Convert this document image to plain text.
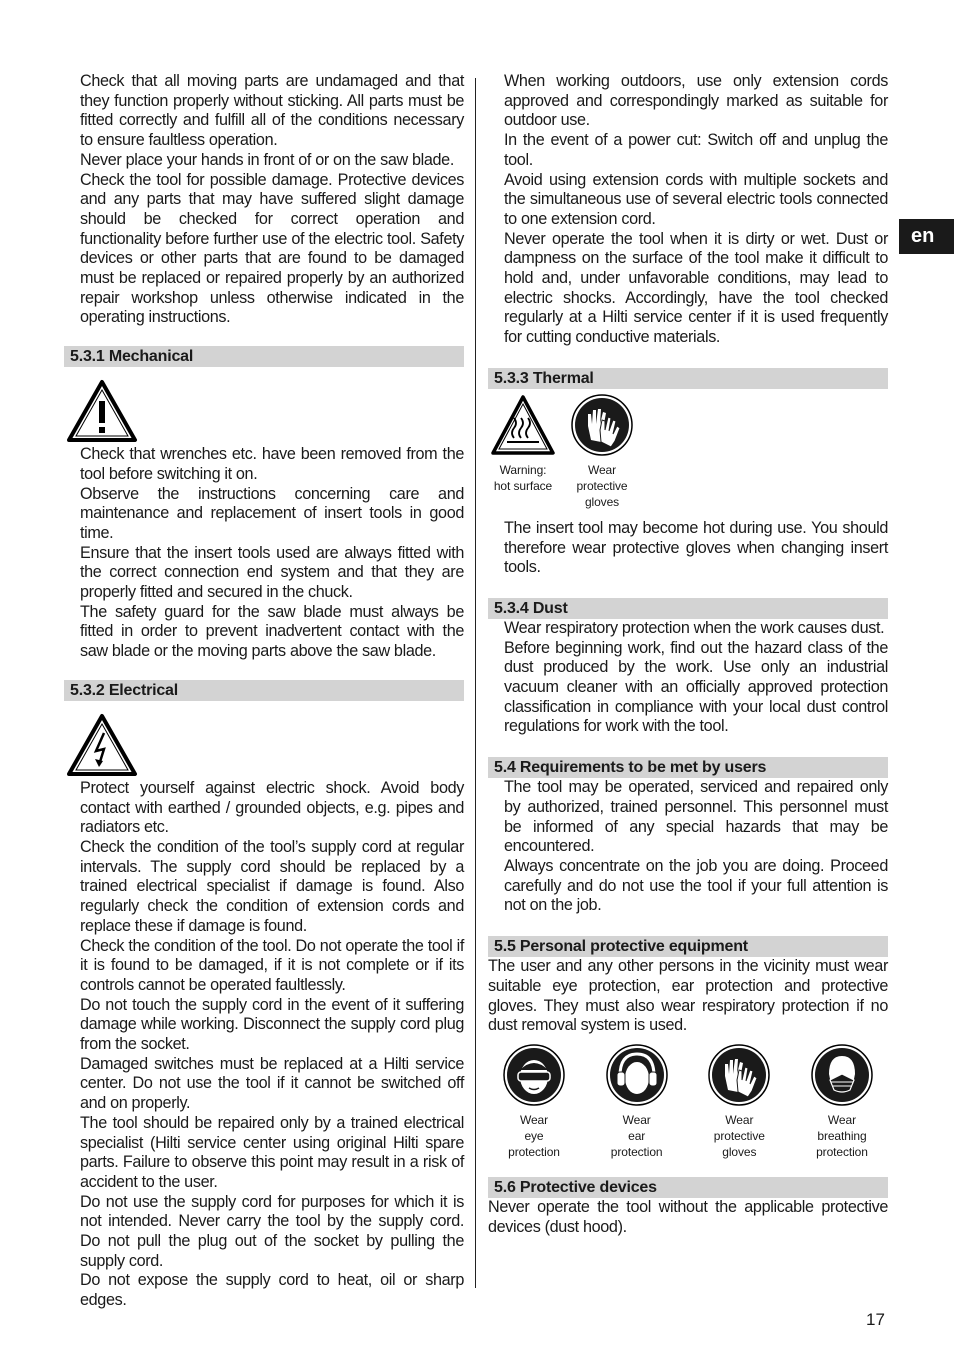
en
17

Check that all moving parts are undamaged and that they function properly without sticking. All parts must be fitted correctly and fulfill all of the conditions necessary to ensure faultless operation.

Never place your hands in front of or on the saw blade.

Check the tool for possible damage. Protective devices and any parts that may have suffered slight damage should be checked for correct operation and functionality before further use of the electric tool. Safety devices or other parts that are found to be damaged must be replaced or repaired properly by an authorized repair workshop unless otherwise indicated in the operating instructions.

5.3.1 Mechanical

Check that wrenches etc. have been removed from the tool before switching it on.

Observe the instructions concerning care and maintenance and replacement of insert tools in good time.

Ensure that the insert tools used are always fitted with the correct connection end system and that they are properly fitted and secured in the chuck.

The safety guard for the saw blade must always be fitted in order to prevent inadvertent contact with the saw blade or the moving parts above the saw blade.

5.3.2 Electrical

Protect yourself against electric shock. Avoid body contact with earthed / grounded objects, e.g. pipes and radiators etc.

Check the condition of the tool’s supply cord at regular intervals. The supply cord should be replaced by a trained electrical specialist if damage is found. Also regularly check the condition of extension cords and replace these if damage is found.

Check the condition of the tool. Do not operate the tool if it is found to be damaged, if it is not complete or if its controls cannot be operated faultlessly.

Do not touch the supply cord in the event of it suffering damage while working. Disconnect the supply cord plug from the socket.

Damaged switches must be replaced at a Hilti service center. Do not use the tool if it cannot be switched off and on properly.

The tool should be repaired only by a trained electrical specialist (Hilti service center using original Hilti spare parts. Failure to observe this point may result in a risk of accident to the user.

Do not use the supply cord for purposes for which it is not intended. Never carry the tool by the supply cord. Do not pull the plug out of the socket by pulling the supply cord.

Do not expose the supply cord to heat, oil or sharp edges.

When working outdoors, use only extension cords approved and correspondingly marked as suitable for outdoor use.

In the event of a power cut: Switch off and unplug the tool.

Avoid using extension cords with multiple sockets and the simultaneous use of several electric tools connected to one extension cord.

Never operate the tool when it is dirty or wet. Dust or dampness on the surface of the tool make it difficult to hold and, under unfavorable conditions, may lead to electric shocks. Accordingly, have the tool checked regularly at a Hilti service center if it is used frequently for cutting conductive materials.

5.3.3 Thermal
Warning:
hot surface
Wear
protective
gloves

The insert tool may become hot during use. You should therefore wear protective gloves when changing insert tools.

5.3.4 Dust

Wear respiratory protection when the work causes dust.

Before beginning work, find out the hazard class of the dust produced by the work. Use only an industrial vacuum cleaner with an officially approved protection classification in compliance with your local dust control regulations for work with the tool.

5.4 Requirements to be met by users

The tool may be operated, serviced and repaired only by authorized, trained personnel. This personnel must be informed of any special hazards that may be encountered.

Always concentrate on the job you are doing. Proceed carefully and do not use the tool if your full attention is not on the job.

5.5 Personal protective equipment

The user and any other persons in the vicinity must wear suitable eye protection, ear protection and protective gloves. They must also wear respiratory protection if no dust removal system is used.

Wear
eye
protection
Wear
ear
protection
Wear
protective
gloves
Wear
breathing
protection
5.6 Protective devices

Never operate the tool without the applicable protective devices (dust hood).
